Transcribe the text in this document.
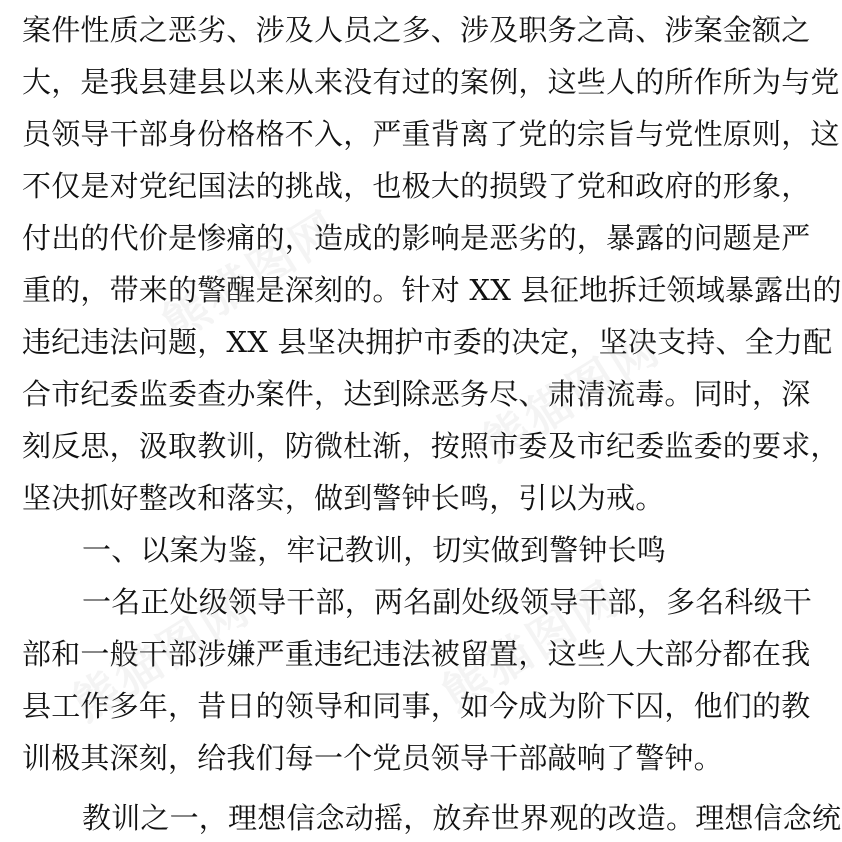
案件性质之恶劣、涉及人员之多、涉及职务之高、涉案金额之
大，是我县建县以来从来没有过的案例，这些人的所作所为与党
员领导干部身份格格不入，严重背离了党的宗旨与党性原则，这
不仅是对党纪国法的挑战，也极大的损毁了党和政府的形象，
付出的代价是惨痛的，造成的影响是恶劣的，暴露的问题是严
重的，带来的警醒是深刻的。针对 XX 县征地拆迁领域暴露出的
违纪违法问题，XX 县坚决拥护市委的决定，坚决支持、全力配
合市纪委监委查办案件，达到除恶务尽、肃清流毒。同时，深
刻反思，汲取教训，防微杜渐，按照市委及市纪委监委的要求，
坚决抓好整改和落实，做到警钟长鸣，引以为戒。
一、以案为鉴，牢记教训，切实做到警钟长鸣
一名正处级领导干部，两名副处级领导干部，多名科级干
部和一般干部涉嫌严重违纪违法被留置，这些人大部分都在我
县工作多年，昔日的领导和同事，如今成为阶下囚，他们的教
训极其深刻，给我们每一个党员领导干部敲响了警钟。
教训之一，理想信念动摇，放弃世界观的改造。理想信念统
熊猫图网
熊猫图网
熊猫图网
熊猫图网
